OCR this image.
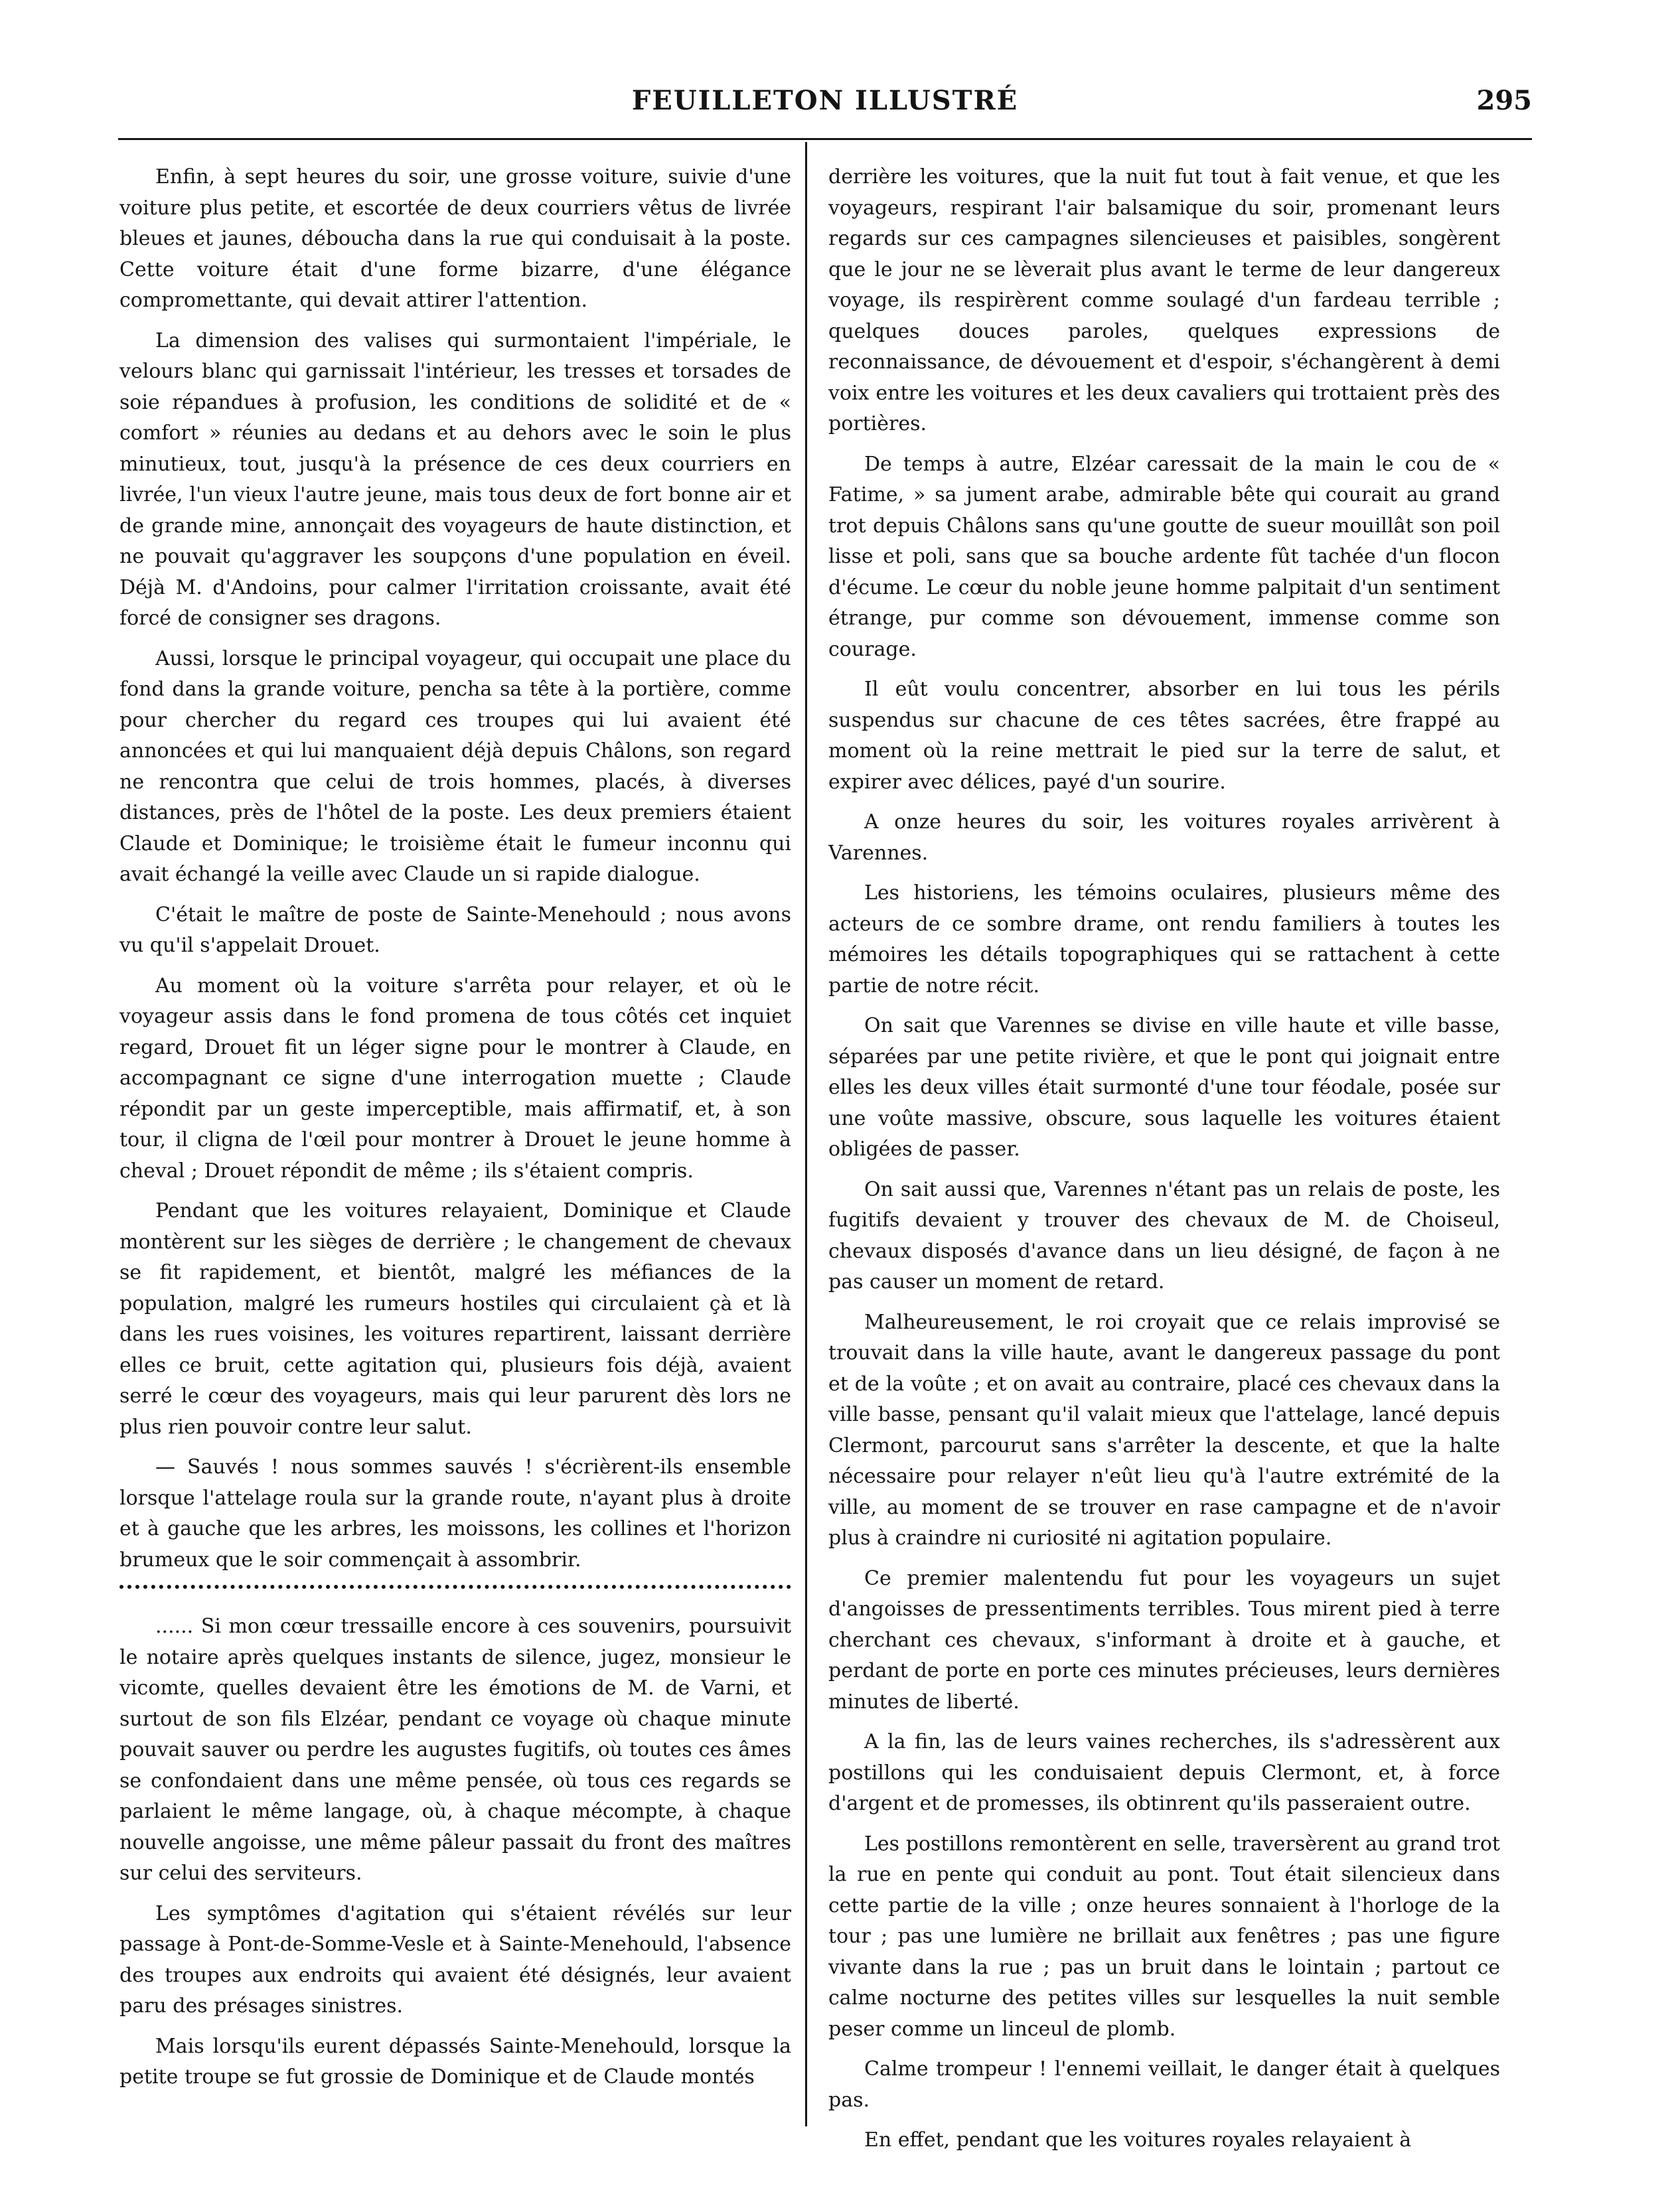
FEUILLETON ILLUSTRÉ	295

Enfin, à sept heures du soir, une grosse voiture, suivie d'une voiture plus petite, et escortée de deux courriers vêtus de livrée bleues et jaunes, déboucha dans la rue qui conduisait à la poste. Cette voiture était d'une forme bizarre, d'une élégance compromettante, qui devait attirer l'attention.

La dimension des valises qui surmontaient l'impériale, le velours blanc qui garnissait l'intérieur, les tresses et torsades de soie répandues à profusion, les conditions de solidité et de « comfort » réunies au dedans et au dehors avec le soin le plus minutieux, tout, jusqu'à la présence de ces deux courriers en livrée, l'un vieux l'autre jeune, mais tous deux de fort bonne air et de grande mine, annonçait des voyageurs de haute distinction, et ne pouvait qu'aggraver les soupçons d'une population en éveil. Déjà M. d'Andoins, pour calmer l'irritation croissante, avait été forcé de consigner ses dragons.

Aussi, lorsque le principal voyageur, qui occupait une place du fond dans la grande voiture, pencha sa tête à la portière, comme pour chercher du regard ces troupes qui lui avaient été annoncées et qui lui manquaient déjà depuis Châlons, son regard ne rencontra que celui de trois hommes, placés, à diverses distances, près de l'hôtel de la poste. Les deux premiers étaient Claude et Dominique; le troisième était le fumeur inconnu qui avait échangé la veille avec Claude un si rapide dialogue.

C'était le maître de poste de Sainte-Menehould ; nous avons vu qu'il s'appelait Drouet.

Au moment où la voiture s'arrêta pour relayer, et où le voyageur assis dans le fond promena de tous côtés cet inquiet regard, Drouet fit un léger signe pour le montrer à Claude, en accompagnant ce signe d'une interrogation muette ; Claude répondit par un geste imperceptible, mais affirmatif, et, à son tour, il cligna de l'œil pour montrer à Drouet le jeune homme à cheval ; Drouet répondit de même ; ils s'étaient compris.

Pendant que les voitures relayaient, Dominique et Claude montèrent sur les sièges de derrière ; le changement de chevaux se fit rapidement, et bientôt, malgré les méfiances de la population, malgré les rumeurs hostiles qui circulaient çà et là dans les rues voisines, les voitures repartirent, laissant derrière elles ce bruit, cette agitation qui, plusieurs fois déjà, avaient serré le cœur des voyageurs, mais qui leur parurent dès lors ne plus rien pouvoir contre leur salut.

— Sauvés ! nous sommes sauvés ! s'écrièrent-ils ensemble lorsque l'attelage roula sur la grande route, n'ayant plus à droite et à gauche que les arbres, les moissons, les collines et l'horizon brumeux que le soir commençait à assombrir.

...... Si mon cœur tressaille encore à ces souvenirs, poursuivit le notaire après quelques instants de silence, jugez, monsieur le vicomte, quelles devaient être les émotions de M. de Varni, et surtout de son fils Elzéar, pendant ce voyage où chaque minute pouvait sauver ou perdre les augustes fugitifs, où toutes ces âmes se confondaient dans une même pensée, où tous ces regards se parlaient le même langage, où, à chaque mécompte, à chaque nouvelle angoisse, une même pâleur passait du front des maîtres sur celui des serviteurs.

Les symptômes d'agitation qui s'étaient révélés sur leur passage à Pont-de-Somme-Vesle et à Sainte-Menehould, l'absence des troupes aux endroits qui avaient été désignés, leur avaient paru des présages sinistres.

Mais lorsqu'ils eurent dépassés Sainte-Menehould, lorsque la petite troupe se fut grossie de Dominique et de Claude montés

derrière les voitures, que la nuit fut tout à fait venue, et que les voyageurs, respirant l'air balsamique du soir, promenant leurs regards sur ces campagnes silencieuses et paisibles, songèrent que le jour ne se lèverait plus avant le terme de leur dangereux voyage, ils respirèrent comme soulagé d'un fardeau terrible ; quelques douces paroles, quelques expressions de reconnaissance, de dévouement et d'espoir, s'échangèrent à demi voix entre les voitures et les deux cavaliers qui trottaient près des portières.

De temps à autre, Elzéar caressait de la main le cou de « Fatime, » sa jument arabe, admirable bête qui courait au grand trot depuis Châlons sans qu'une goutte de sueur mouillât son poil lisse et poli, sans que sa bouche ardente fût tachée d'un flocon d'écume. Le cœur du noble jeune homme palpitait d'un sentiment étrange, pur comme son dévouement, immense comme son courage.

Il eût voulu concentrer, absorber en lui tous les périls suspendus sur chacune de ces têtes sacrées, être frappé au moment où la reine mettrait le pied sur la terre de salut, et expirer avec délices, payé d'un sourire.

A onze heures du soir, les voitures royales arrivèrent à Varennes.

Les historiens, les témoins oculaires, plusieurs même des acteurs de ce sombre drame, ont rendu familiers à toutes les mémoires les détails topographiques qui se rattachent à cette partie de notre récit.

On sait que Varennes se divise en ville haute et ville basse, séparées par une petite rivière, et que le pont qui joignait entre elles les deux villes était surmonté d'une tour féodale, posée sur une voûte massive, obscure, sous laquelle les voitures étaient obligées de passer.

On sait aussi que, Varennes n'étant pas un relais de poste, les fugitifs devaient y trouver des chevaux de M. de Choiseul, chevaux disposés d'avance dans un lieu désigné, de façon à ne pas causer un moment de retard.

Malheureusement, le roi croyait que ce relais improvisé se trouvait dans la ville haute, avant le dangereux passage du pont et de la voûte ; et on avait au contraire, placé ces chevaux dans la ville basse, pensant qu'il valait mieux que l'attelage, lancé depuis Clermont, parcourut sans s'arrêter la descente, et que la halte nécessaire pour relayer n'eût lieu qu'à l'autre extrémité de la ville, au moment de se trouver en rase campagne et de n'avoir plus à craindre ni curiosité ni agitation populaire.

Ce premier malentendu fut pour les voyageurs un sujet d'angoisses de pressentiments terribles. Tous mirent pied à terre cherchant ces chevaux, s'informant à droite et à gauche, et perdant de porte en porte ces minutes précieuses, leurs dernières minutes de liberté.

A la fin, las de leurs vaines recherches, ils s'adressèrent aux postillons qui les conduisaient depuis Clermont, et, à force d'argent et de promesses, ils obtinrent qu'ils passeraient outre.

Les postillons remontèrent en selle, traversèrent au grand trot la rue en pente qui conduit au pont. Tout était silencieux dans cette partie de la ville ; onze heures sonnaient à l'horloge de la tour ; pas une lumière ne brillait aux fenêtres ; pas une figure vivante dans la rue ; pas un bruit dans le lointain ; partout ce calme nocturne des petites villes sur lesquelles la nuit semble peser comme un linceul de plomb.

Calme trompeur ! l'ennemi veillait, le danger était à quelques pas.

En effet, pendant que les voitures royales relayaient à
